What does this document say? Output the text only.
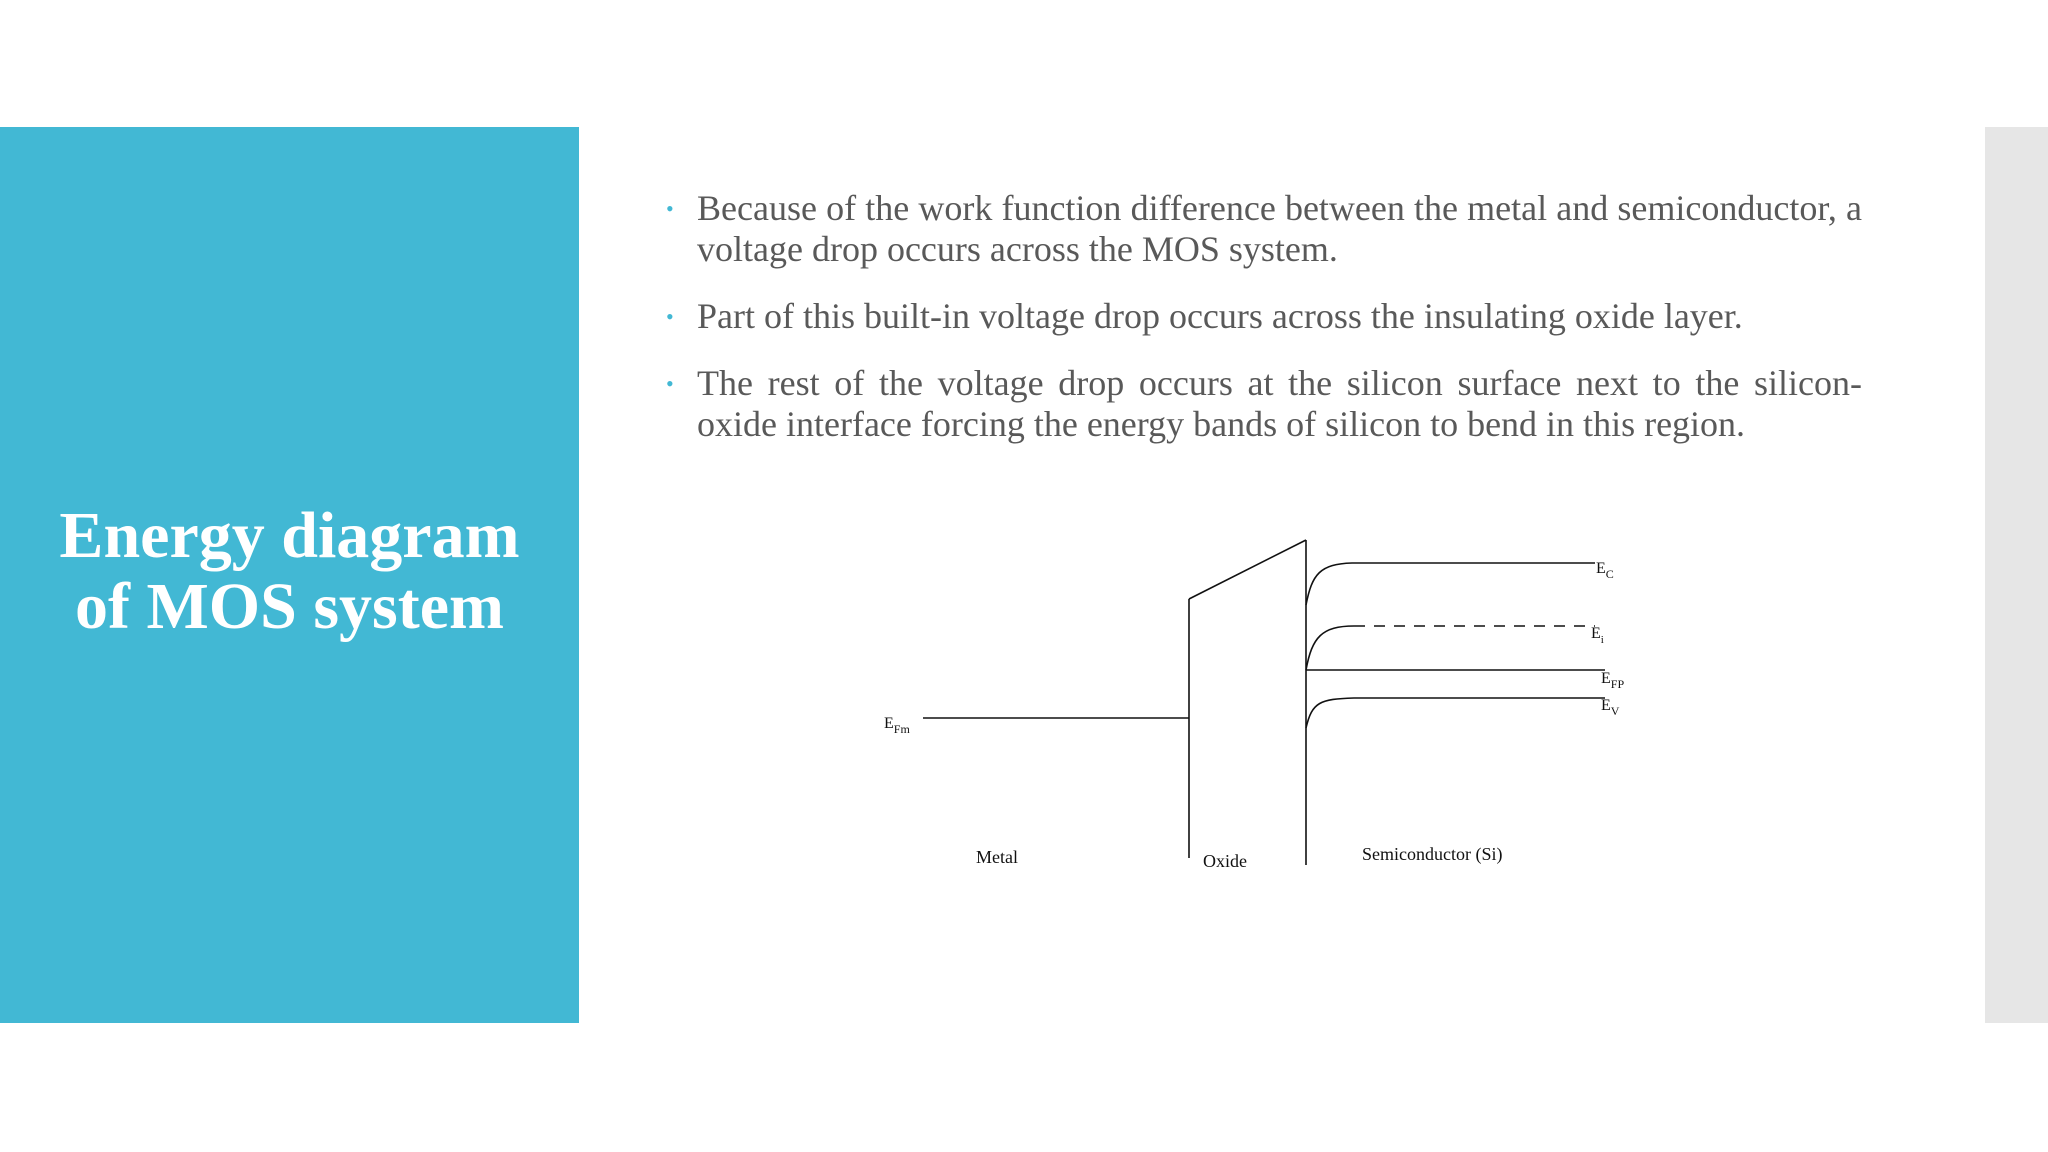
Energy diagram
of MOS system
• Because of the work function difference between the metal and semiconductor, a voltage drop occurs across the MOS system.
• Part of this built-in voltage drop occurs across the insulating oxide layer.
• The rest of the voltage drop occurs at the silicon surface next to the silicon-oxide interface forcing the energy bands of silicon to bend in this region.
$E_{Fm}$
$E_C$
$E_i$
$E_{FP}$
$E_V$
Metal	Oxide	Semiconductor (Si)
